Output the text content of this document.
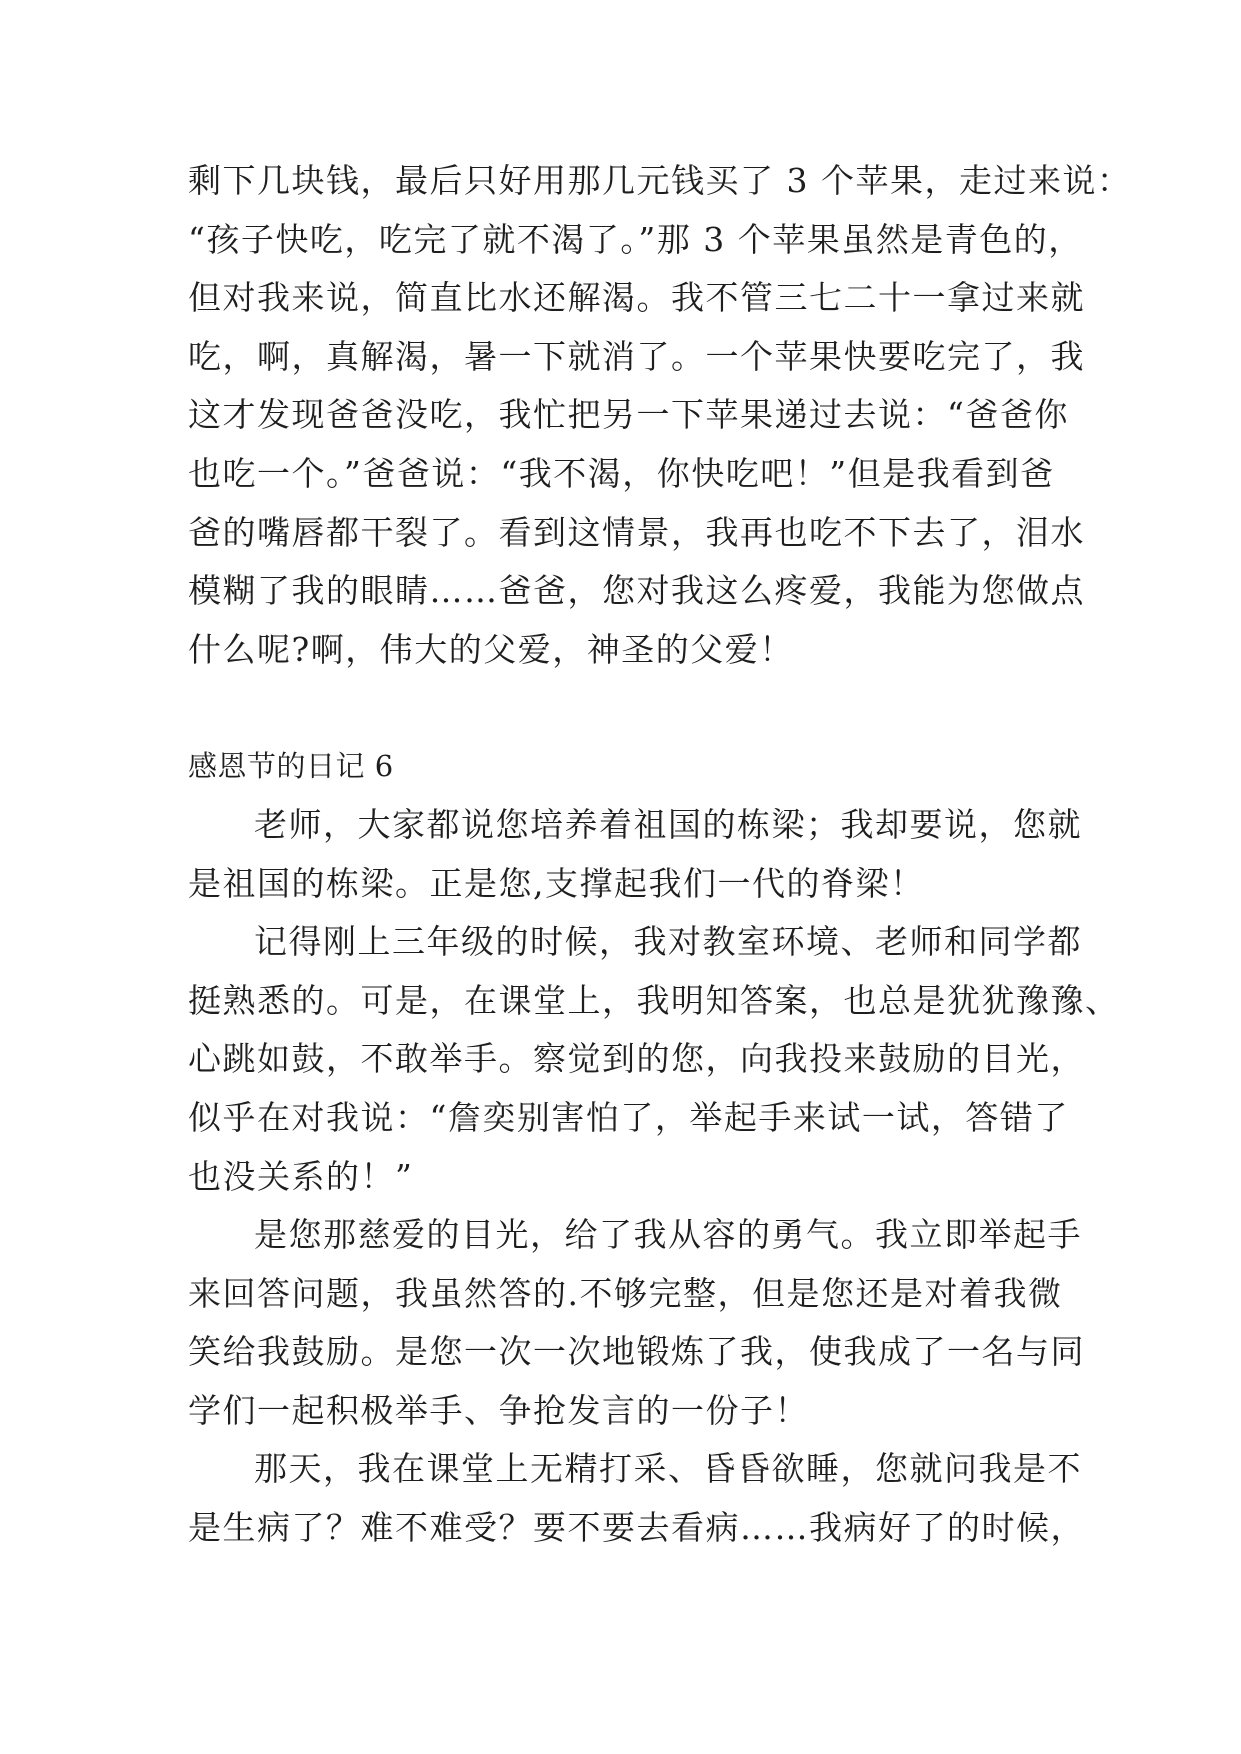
剩下几块钱，最后只好用那几元钱买了 3 个苹果，走过来说：
“孩子快吃，吃完了就不渴了。”那 3 个苹果虽然是青色的，
但对我来说，简直比水还解渴。我不管三七二十一拿过来就
吃，啊，真解渴，暑一下就消了。一个苹果快要吃完了，我
这才发现爸爸没吃，我忙把另一下苹果递过去说：“爸爸你
也吃一个。”爸爸说：“我不渴，你快吃吧！”但是我看到爸
爸的嘴唇都干裂了。看到这情景，我再也吃不下去了，泪水
模糊了我的眼睛……爸爸，您对我这么疼爱，我能为您做点
什么呢?啊，伟大的父爱，神圣的父爱！
感恩节的日记 6
老师，大家都说您培养着祖国的栋梁；我却要说，您就
是祖国的栋梁。正是您,支撑起我们一代的脊梁！
记得刚上三年级的时候，我对教室环境、老师和同学都
挺熟悉的。可是，在课堂上，我明知答案，也总是犹犹豫豫、
心跳如鼓，不敢举手。察觉到的您，向我投来鼓励的目光，
似乎在对我说：“詹奕别害怕了，举起手来试一试，答错了
也没关系的！”
是您那慈爱的目光，给了我从容的勇气。我立即举起手
来回答问题，我虽然答的.不够完整，但是您还是对着我微
笑给我鼓励。是您一次一次地锻炼了我，使我成了一名与同
学们一起积极举手、争抢发言的一份子！
那天，我在课堂上无精打采、昏昏欲睡，您就问我是不
是生病了？难不难受？要不要去看病……我病好了的时候，
